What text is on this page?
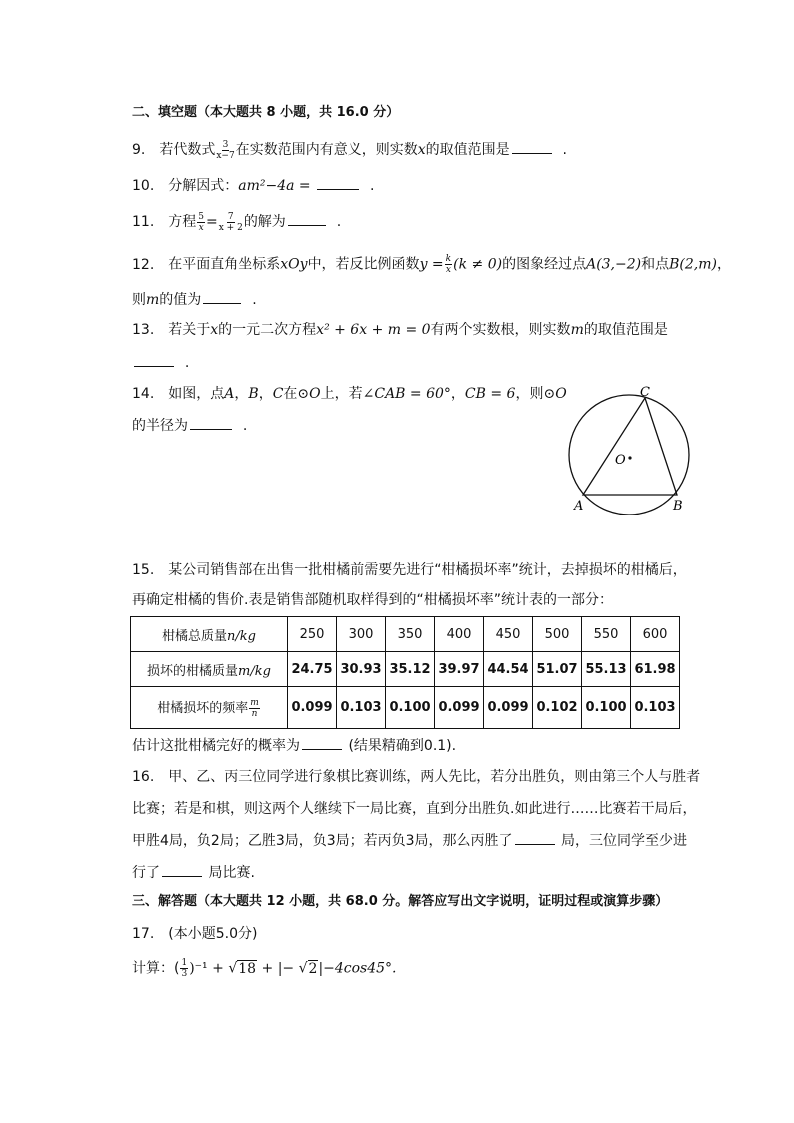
二、填空题（本大题共 8 小题，共 16.0 分）
9. 若代数式 $\frac{3}{x-7}$ 在实数范围内有意义，则实数x的取值范围是	.
10. 分解因式：am²−4a =	.
11. 方程 $\frac{5}{x} = \frac{7}{x + 2}$ 的解为	.
12. 在平面直角坐标系xOy中，若反比例函数$y = \frac{k}{x} (k \ne 0)$的图象经过点A(3,−2)和点B(2,m)，
则m的值为	.
13. 若关于x的一元二次方程x² + 6x + m = 0有两个实数根，则实数m的取值范围是
.
14. 如图，点A，B，C在⊙O上，若∠CAB = 60°，CB = 6，则⊙O
的半径为	.
C
O
A	B
15. 某公司销售部在出售一批柑橘前需要先进行“柑橘损坏率”统计，去掉损坏的柑橘后，
再确定柑橘的售价.表是销售部随机取样得到的“柑橘损坏率”统计表的一部分：
柑橘总质量n/kg	250	300	350	400	450	500	550	600
损坏的柑橘质量m/kg	24.75	30.93	35.12	39.97	44.54	51.07	55.13	61.98
柑橘损坏的频率 $\frac{m}{n}$	0.099	0.103	0.100	0.099	0.099	0.102	0.100	0.103
估计这批柑橘完好的概率为	(结果精确到0.1).
16. 甲、乙、丙三位同学进行象棋比赛训练，两人先比，若分出胜负，则由第三个人与胜者
比赛；若是和棋，则这两个人继续下一局比赛，直到分出胜负.如此进行……比赛若干局后，
甲胜4局，负2局；乙胜3局，负3局；若丙负3局，那么丙胜了	局，三位同学至少进
行了	局比赛.
三、解答题（本大题共 12 小题，共 68.0 分。解答应写出文字说明，证明过程或演算步骤）
17. (本小题5.0分)
计算：( $\frac{1}{3} )^{-1} + √18$ + |− √2|−4cos45°.
